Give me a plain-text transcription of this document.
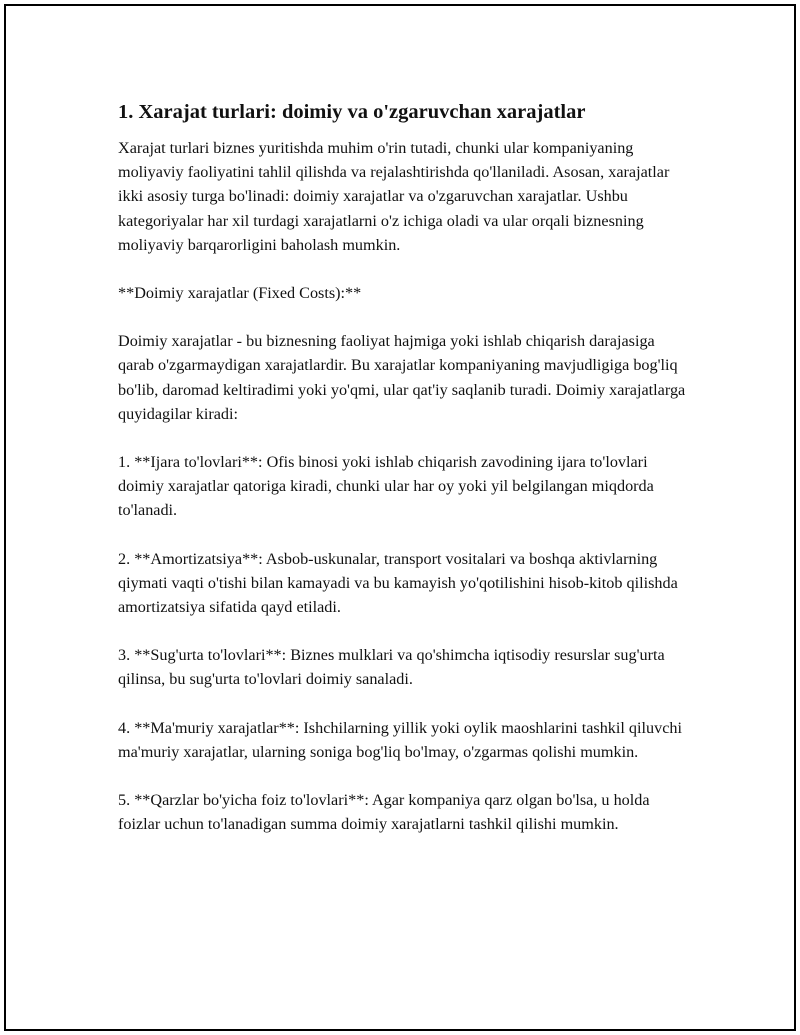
1. Xarajat turlari: doimiy va o'zgaruvchan xarajatlar

Xarajat turlari biznes yuritishda muhim o'rin tutadi, chunki ular kompaniyaning moliyaviy faoliyatini tahlil qilishda va rejalashtirishda qo'llaniladi. Asosan, xarajatlar ikki asosiy turga bo'linadi: doimiy xarajatlar va o'zgaruvchan xarajatlar. Ushbu kategoriyalar har xil turdagi xarajatlarni o'z ichiga oladi va ular orqali biznesning moliyaviy barqarorligini baholash mumkin.

**Doimiy xarajatlar (Fixed Costs):**

Doimiy xarajatlar - bu biznesning faoliyat hajmiga yoki ishlab chiqarish darajasiga qarab o'zgarmaydigan xarajatlardir. Bu xarajatlar kompaniyaning mavjudligiga bog'liq bo'lib, daromad keltiradimi yoki yo'qmi, ular qat'iy saqlanib turadi. Doimiy xarajatlarga quyidagilar kiradi:

1. **Ijara to'lovlari**: Ofis binosi yoki ishlab chiqarish zavodining ijara to'lovlari doimiy xarajatlar qatoriga kiradi, chunki ular har oy yoki yil belgilangan miqdorda to'lanadi.

2. **Amortizatsiya**: Asbob-uskunalar, transport vositalari va boshqa aktivlarning qiymati vaqti o'tishi bilan kamayadi va bu kamayish yo'qotilishini hisob-kitob qilishda amortizatsiya sifatida qayd etiladi.

3. **Sug'urta to'lovlari**: Biznes mulklari va qo'shimcha iqtisodiy resurslar sug'urta qilinsa, bu sug'urta to'lovlari doimiy sanaladi.

4. **Ma'muriy xarajatlar**: Ishchilarning yillik yoki oylik maoshlarini tashkil qiluvchi ma'muriy xarajatlar, ularning soniga bog'liq bo'lmay, o'zgarmas qolishi mumkin.

5. **Qarzlar bo'yicha foiz to'lovlari**: Agar kompaniya qarz olgan bo'lsa, u holda foizlar uchun to'lanadigan summa doimiy xarajatlarni tashkil qilishi mumkin.
